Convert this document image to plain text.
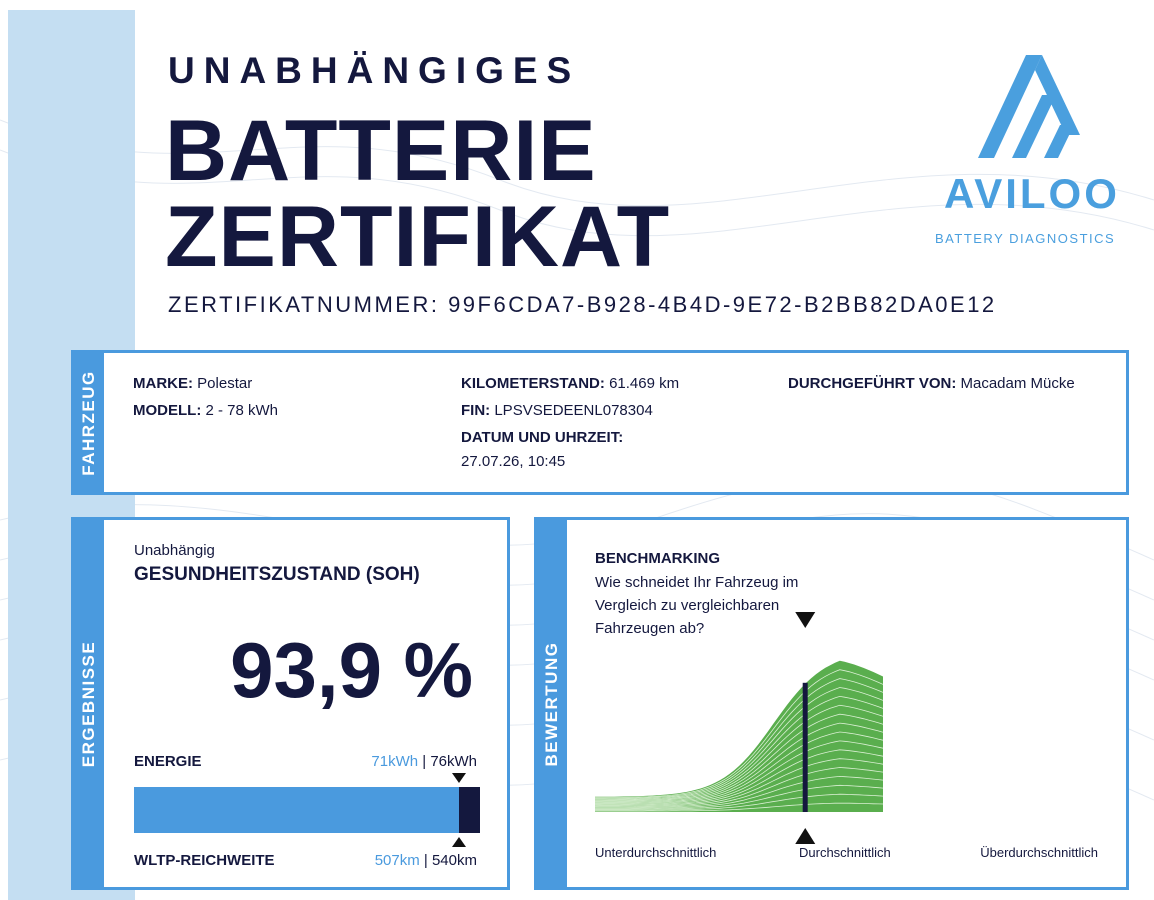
UNABHÄNGIGES
BATTERIE
ZERTIFIKAT
ZERTIFIKATNUMMER: 99F6CDA7-B928-4B4D-9E72-B2BB82DA0E12
AVILOO
BATTERY DIAGNOSTICS
FAHRZEUG MARKE: Polestar
MODELL: 2 - 78 kWh
KILOMETERSTAND: 61.469 km
FIN: LPSVSEDEENL078304
DATUM UND UHRZEIT:
27.07.26, 10:45
DURCHGEFÜHRT VON: Macadam Mücke
ERGEBNISSE
Unabhängig
GESUNDHEITSZUSTAND (SOH)
93,9 %
ENERGIE	71kWh | 76kWh
WLTP-REICHWEITE	507km | 540km
BEWERTUNG
BENCHMARKING
Wie schneidet Ihr Fahrzeug im Vergleich zu vergleichbaren Fahrzeugen ab?
Unterdurchschnittlich	Durchschnittlich	Überdurchschnittlich
